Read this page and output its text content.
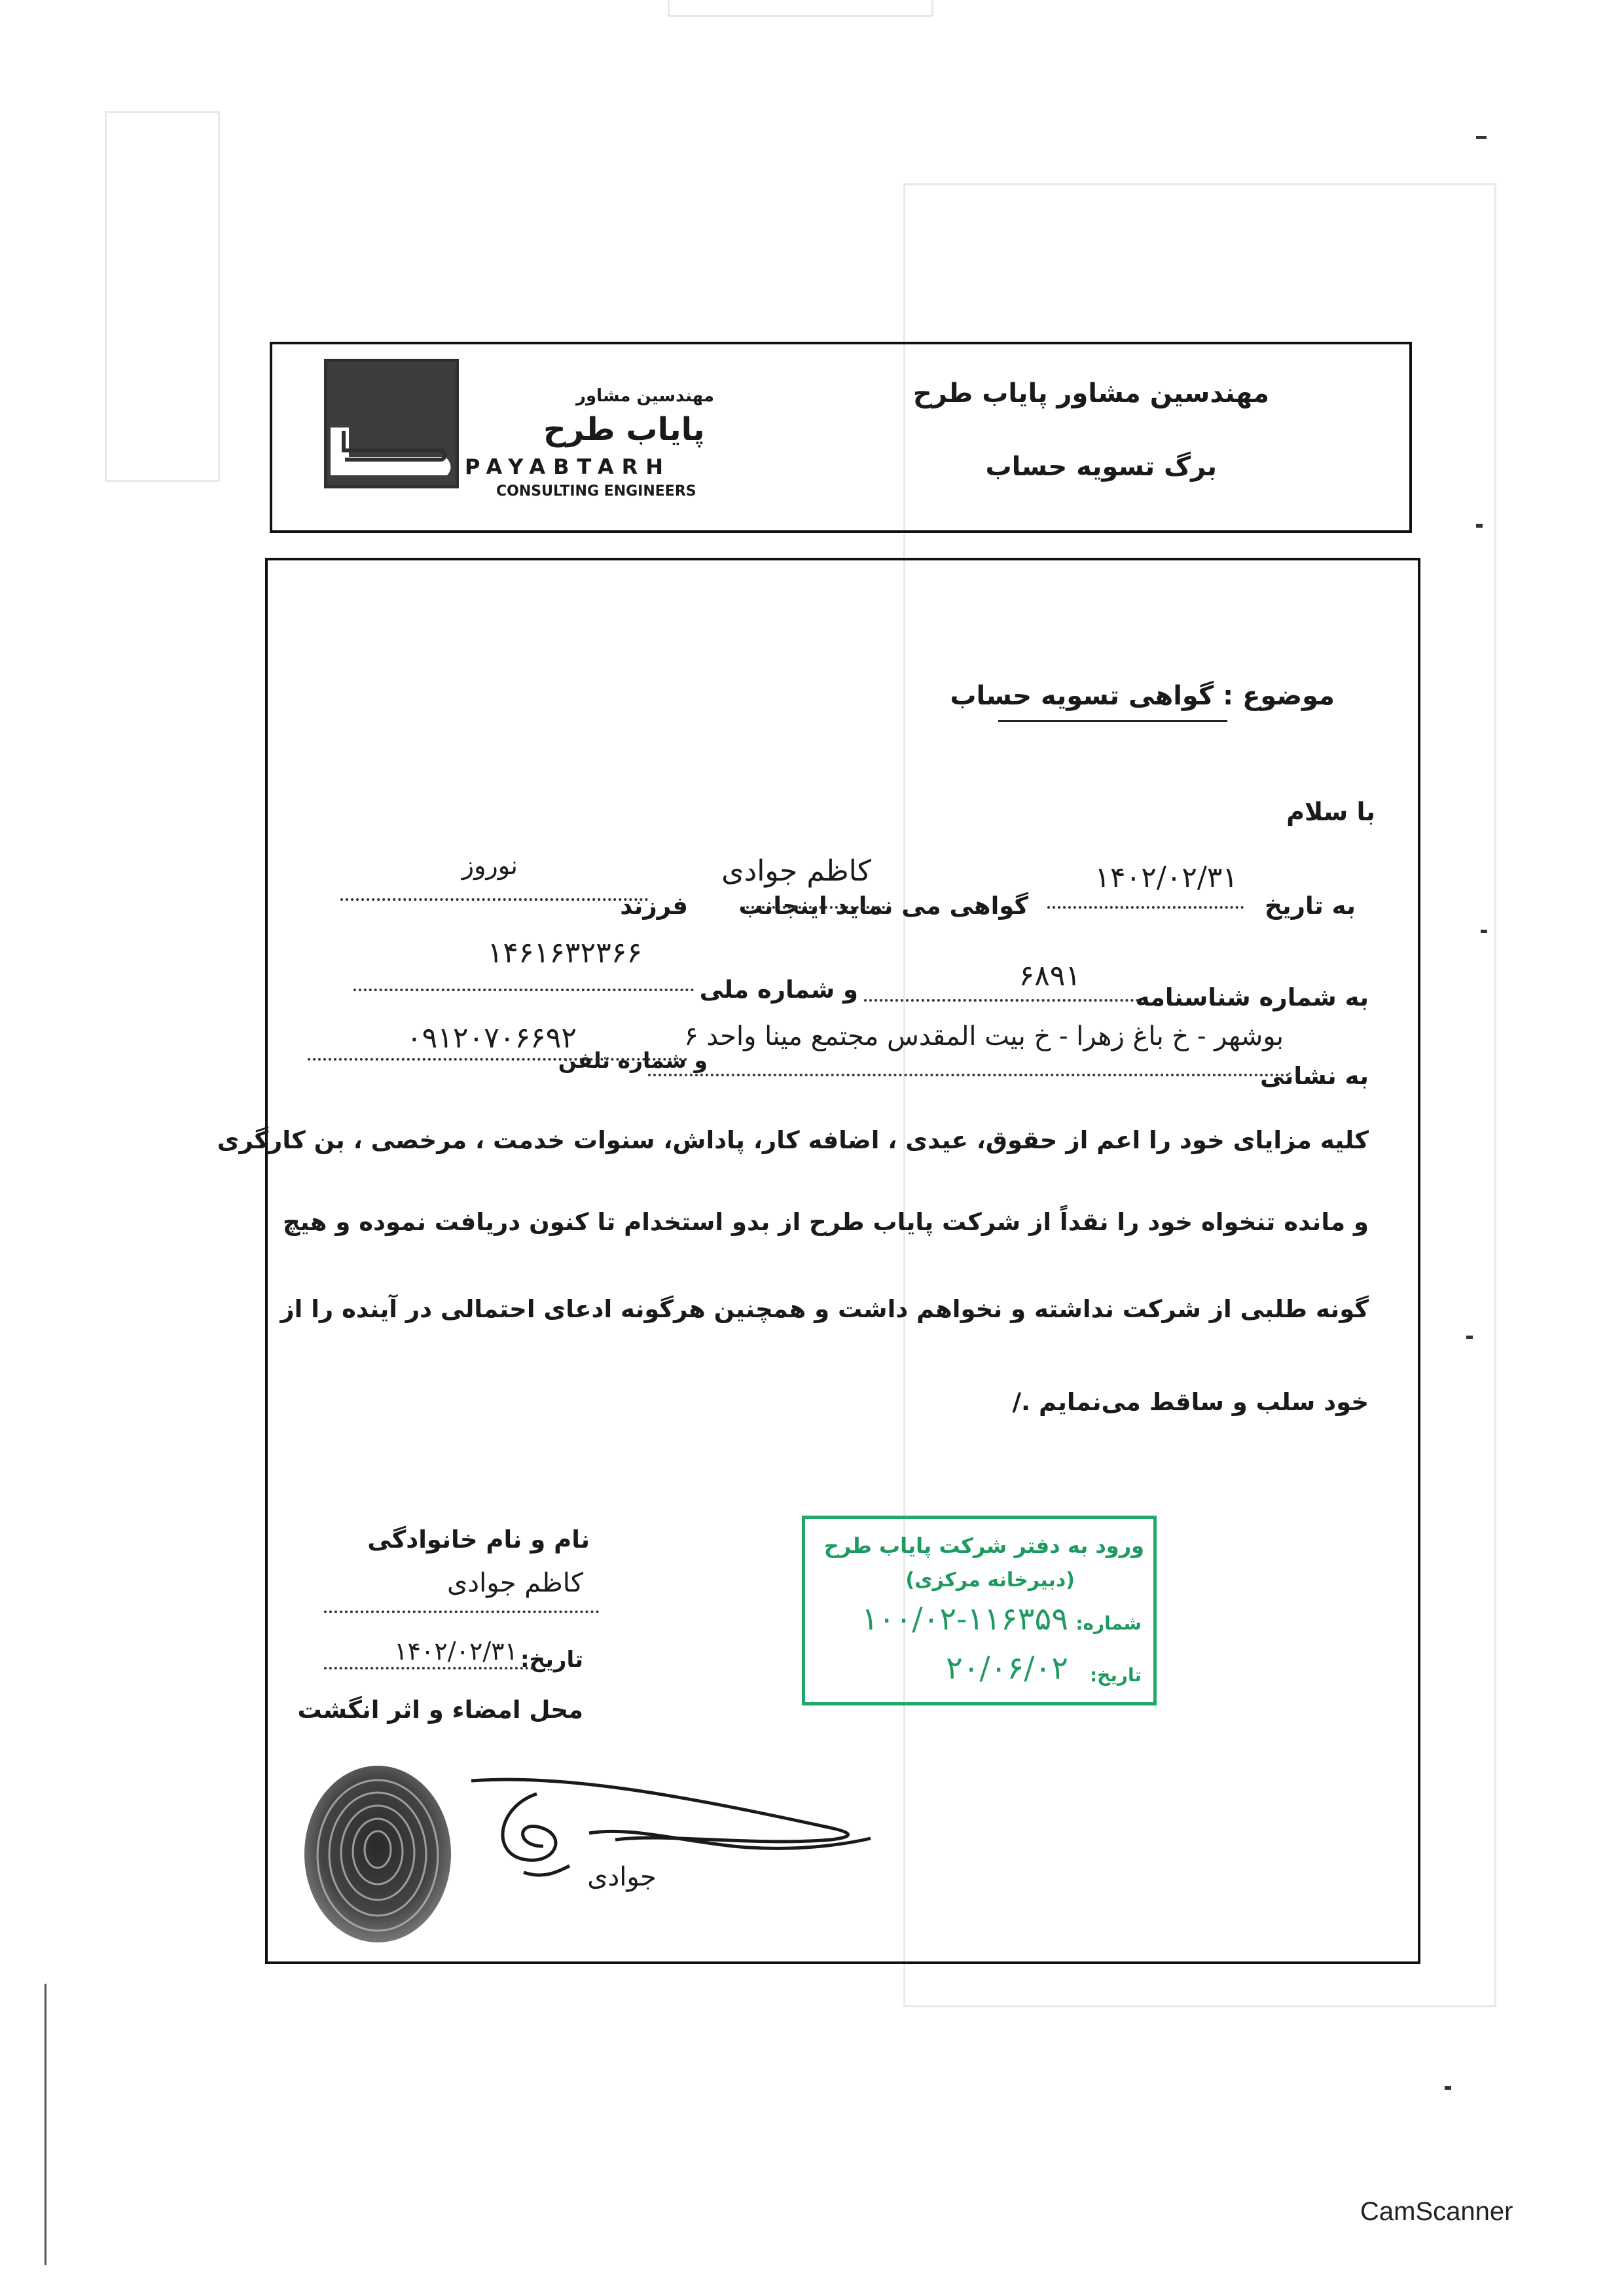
مهندسین مشاور
پایاب طرح
PAYABTARH
CONSULTING ENGINEERS
مهندسین مشاور پایاب طرح
برگ تسویه حساب
موضوع : گواهی تسویه حساب
با سلام
به تاریخ
۱۴۰۲/۰۲/۳۱
گواهی می نماید اینجانب
کاظم جوادی
فرزند
نوروز
به شماره شناسنامه
۶۸۹۱
و شماره ملی
۱۴۶۱۶۳۲۳۶۶
به نشانی
بوشهر - خ باغ زهرا - خ بیت المقدس مجتمع مینا واحد ۶
و شماره تلفن
۰۹۱۲۰۷۰۶۶۹۲
کلیه مزایای خود را اعم از حقوق، عیدی ، اضافه کار، پاداش، سنوات خدمت ، مرخصی ، بن کارگری
و مانده تنخواه خود را نقداً از شرکت پایاب طرح از بدو استخدام تا کنون دریافت نموده و هیچ
گونه طلبی از شرکت نداشته و نخواهم داشت و همچنین هرگونه ادعای احتمالی در آینده را از
خود سلب و ساقط می‌نمایم ./
نام و نام خانوادگی
کاظم جوادی
تاریخ:
۱۴۰۲/۰۲/۳۱
محل امضاء و اثر انگشت
جوادی
ورود به دفتر شرکت پایاب طرح
(دبیرخانه مرکزی)
شماره:
۱۰۰/۰۲-۱۱۶۳۵۹
تاریخ:
۲۰/۰۶/۰۲
CamScanner
